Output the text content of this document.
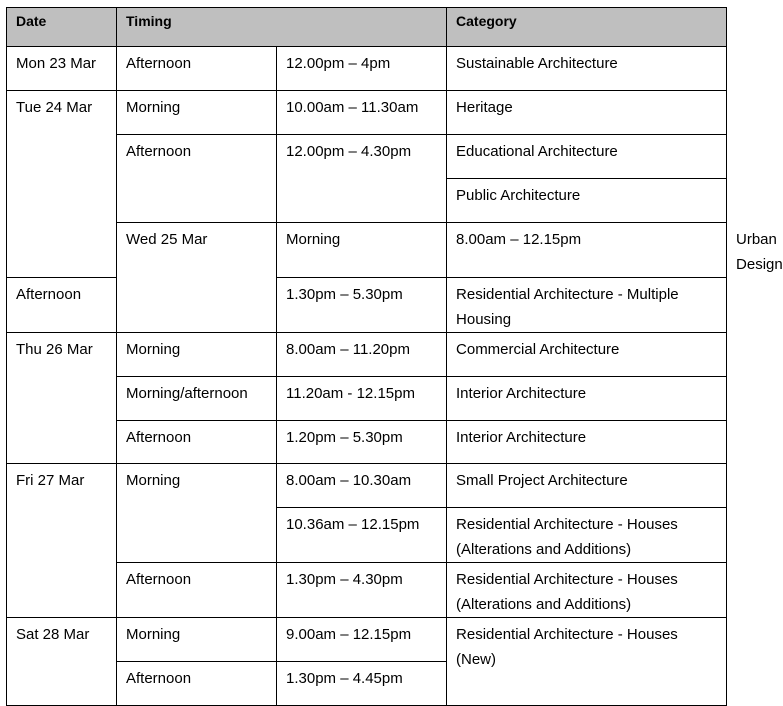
Date	Timing		Category	
Mon 23 Mar	Afternoon	12.00pm – 4pm	Sustainable Architecture	
Tue 24 Mar	Morning	10.00am – 11.30am	Heritage	
	Afternoon	12.00pm – 4.30pm	Educational Architecture	
			Public Architecture	
	Wed 25 Mar	Morning	8.00am – 12.15pm	Urban Design
Afternoon		1.30pm – 5.30pm	Residential Architecture - Multiple Housing	
Thu 26 Mar	Morning	8.00am – 11.20pm	Commercial Architecture	
	Morning/afternoon	11.20am - 12.15pm	Interior Architecture	
	Afternoon	1.20pm – 5.30pm	Interior Architecture	
Fri 27 Mar	Morning	8.00am – 10.30am	Small Project Architecture	
		10.36am – 12.15pm	Residential Architecture - Houses (Alterations and Additions)	
	Afternoon	1.30pm – 4.30pm	Residential Architecture - Houses (Alterations and Additions)	
Sat 28 Mar	Morning	9.00am – 12.15pm	Residential Architecture - Houses (New)	
	Afternoon	1.30pm – 4.45pm		
